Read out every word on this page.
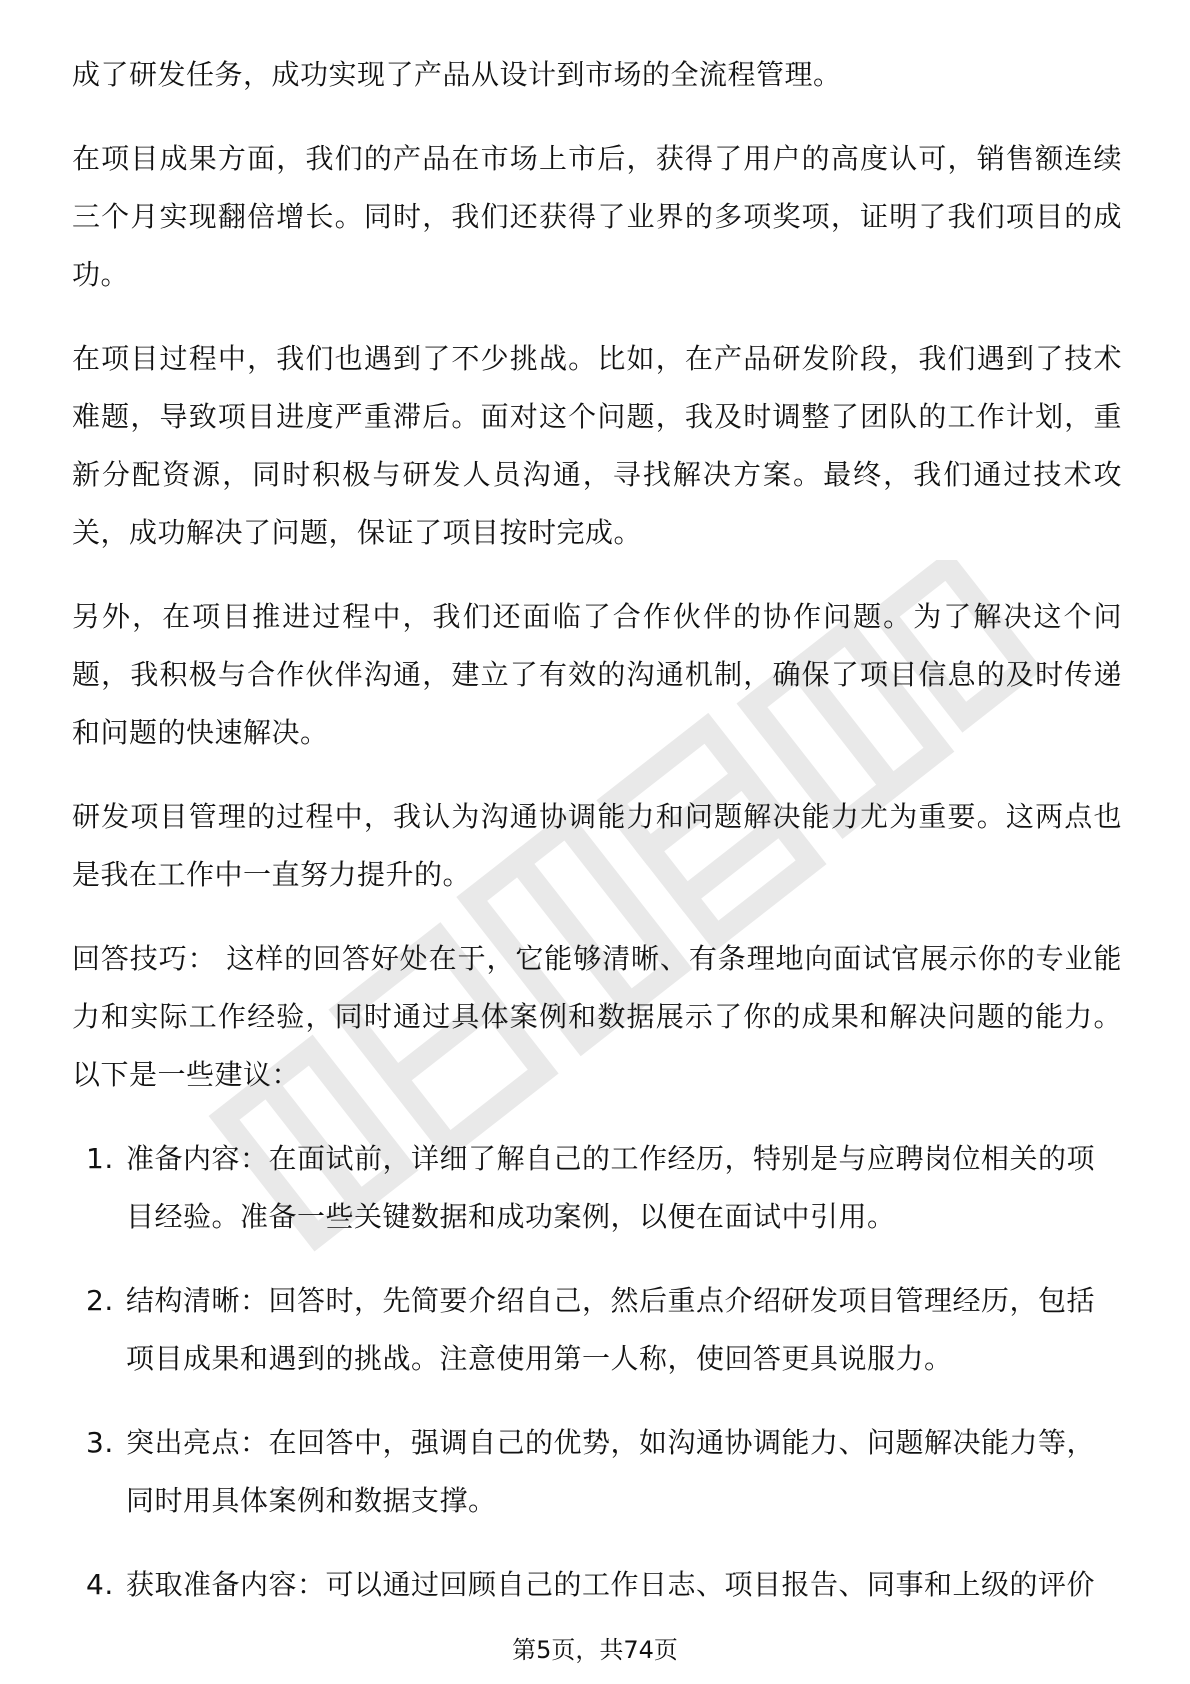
成了研发任务，成功实现了产品从设计到市场的全流程管理。

在项目成果方面，我们的产品在市场上市后，获得了用户的高度认可，销售额连续三个月实现翻倍增长。同时，我们还获得了业界的多项奖项，证明了我们项目的成功。

在项目过程中，我们也遇到了不少挑战。比如，在产品研发阶段，我们遇到了技术难题，导致项目进度严重滞后。面对这个问题，我及时调整了团队的工作计划，重新分配资源，同时积极与研发人员沟通，寻找解决方案。最终，我们通过技术攻关，成功解决了问题，保证了项目按时完成。

另外，在项目推进过程中，我们还面临了合作伙伴的协作问题。为了解决这个问题，我积极与合作伙伴沟通，建立了有效的沟通机制，确保了项目信息的及时传递和问题的快速解决。

研发项目管理的过程中，我认为沟通协调能力和问题解决能力尤为重要。这两点也是我在工作中一直努力提升的。

回答技巧： 这样的回答好处在于，它能够清晰、有条理地向面试官展示你的专业能力和实际工作经验，同时通过具体案例和数据展示了你的成果和解决问题的能力。以下是一些建议：

1. 准备内容：在面试前，详细了解自己的工作经历，特别是与应聘岗位相关的项目经验。准备一些关键数据和成功案例，以便在面试中引用。
2. 结构清晰：回答时，先简要介绍自己，然后重点介绍研发项目管理经历，包括项目成果和遇到的挑战。注意使用第一人称，使回答更具说服力。
3. 突出亮点：在回答中，强调自己的优势，如沟通协调能力、问题解决能力等，同时用具体案例和数据支撑。
4. 获取准备内容：可以通过回顾自己的工作日志、项目报告、同事和上级的评价
第5页，共74页
